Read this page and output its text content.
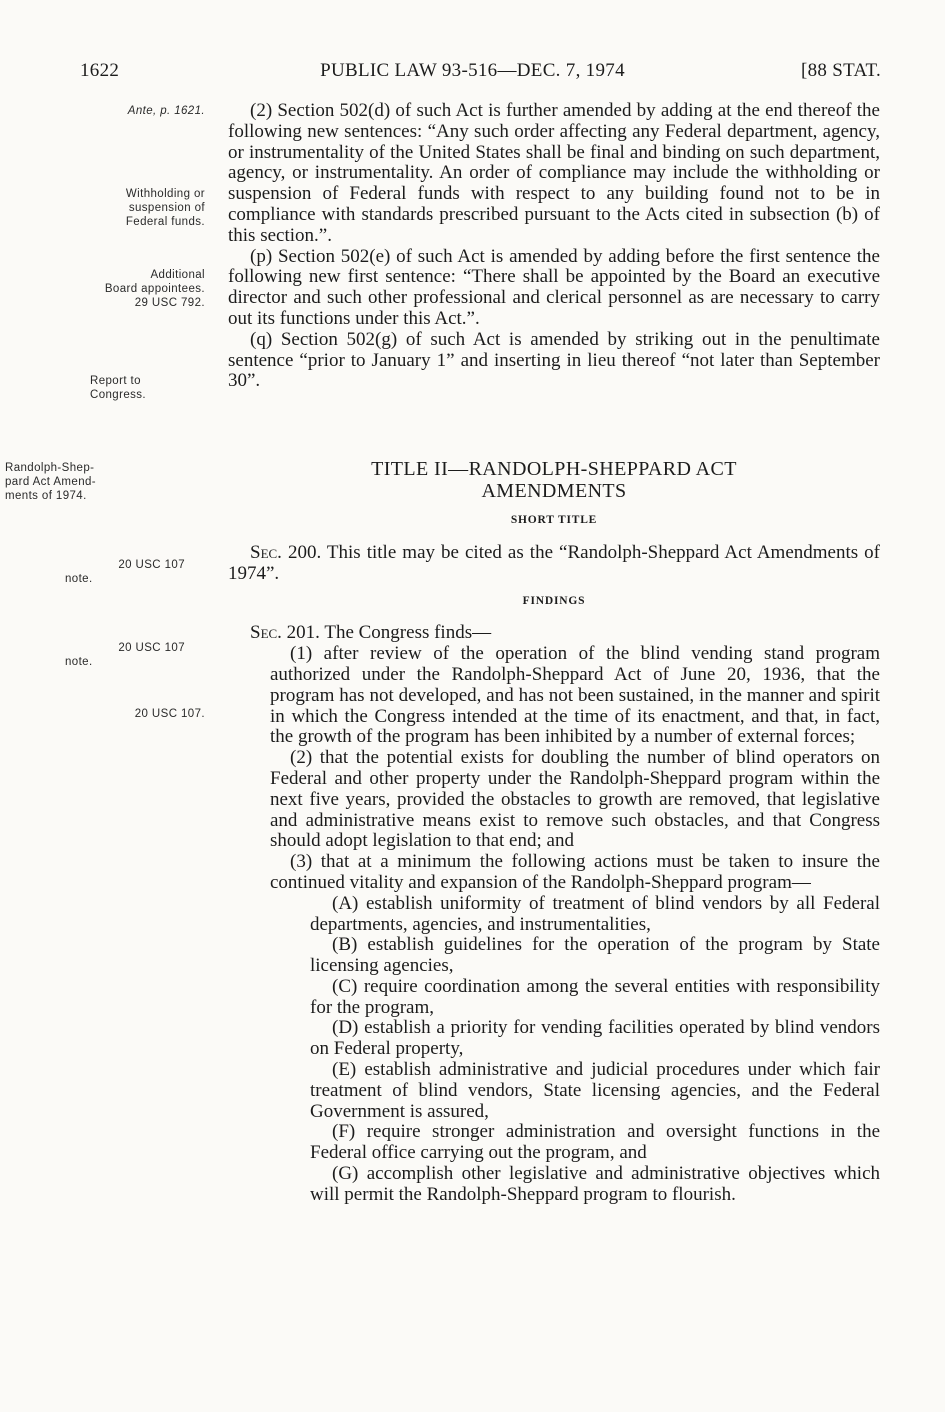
PUBLIC LAW 93-516—DEC. 7, 1974
1622	[88 STAT.
Ante, p. 1621.
Withholding or
suspension of
Federal funds.
Additional
Board appointees.
29 USC 792.
Report to
Congress.
Randolph-Shep-
pard Act Amend-
ments of 1974.
20 USC 107
note.
20 USC 107
note.
20 USC 107.

(2) Section 502(d) of such Act is further amended by adding at the end thereof the following new sentences: “Any such order affecting any Federal department, agency, or instrumentality of the United States shall be final and binding on such department, agency, or instrumentality. An order of compliance may include the withholding or suspension of Federal funds with respect to any building found not to be in compliance with standards prescribed pursuant to the Acts cited in subsection (b) of this section.”.

(p) Section 502(e) of such Act is amended by adding before the first sentence the following new first sentence: “There shall be appointed by the Board an executive director and such other professional and clerical personnel as are necessary to carry out its functions under this Act.”.

(q) Section 502(g) of such Act is amended by striking out in the penultimate sentence “prior to January 1” and inserting in lieu thereof “not later than September 30”.

TITLE II—RANDOLPH-SHEPPARD ACT
AMENDMENTS
SHORT TITLE

Sec. 200. This title may be cited as the “Randolph-Sheppard Act Amendments of 1974”.

FINDINGS

Sec. 201. The Congress finds—

(1) after review of the operation of the blind vending stand program authorized under the Randolph-Sheppard Act of June 20, 1936, that the program has not developed, and has not been sustained, in the manner and spirit in which the Congress intended at the time of its enactment, and that, in fact, the growth of the program has been inhibited by a number of external forces;

(2) that the potential exists for doubling the number of blind operators on Federal and other property under the Randolph-Sheppard program within the next five years, provided the obstacles to growth are removed, that legislative and administrative means exist to remove such obstacles, and that Congress should adopt legislation to that end; and

(3) that at a minimum the following actions must be taken to insure the continued vitality and expansion of the Randolph-Sheppard program—

(A) establish uniformity of treatment of blind vendors by all Federal departments, agencies, and instrumentalities,

(B) establish guidelines for the operation of the program by State licensing agencies,

(C) require coordination among the several entities with responsibility for the program,

(D) establish a priority for vending facilities operated by blind vendors on Federal property,

(E) establish administrative and judicial procedures under which fair treatment of blind vendors, State licensing agencies, and the Federal Government is assured,

(F) require stronger administration and oversight functions in the Federal office carrying out the program, and

(G) accomplish other legislative and administrative objectives which will permit the Randolph-Sheppard program to flourish.
